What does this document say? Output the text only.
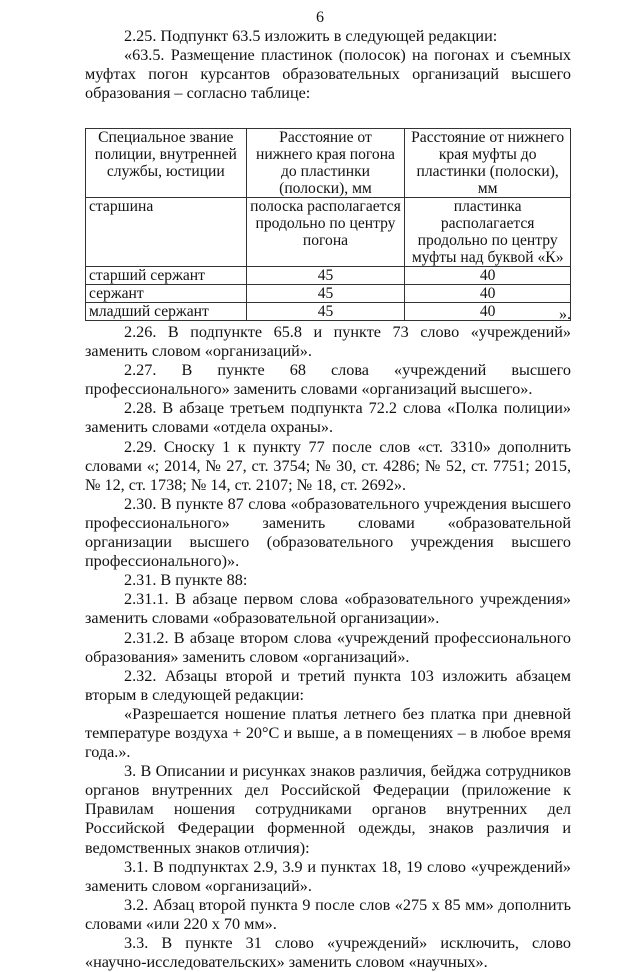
6

2.25. Подпункт 63.5 изложить в следующей редакции:

«63.5. Размещение пластинок (полосок) на погонах и съемных муфтах погон курсантов образовательных организаций высшего образования – согласно таблице:

Специальное звание полиции, внутренней службы, юстиции	Расстояние от нижнего края погона до пластинки (полоски), мм	Расстояние от нижнего края муфты до пластинки (полоски), мм
старшина	полоска располагается продольно по центру погона	пластинка располагается продольно по центру муфты над буквой «К»
старший сержант	45	40
сержант	45	40
младший сержант	45	40	».

2.26. В подпункте 65.8 и пункте 73 слово «учреждений» заменить словом «организаций».

2.27. В пункте 68 слова «учреждений высшего профессионального» заменить словами «организаций высшего».

2.28. В абзаце третьем подпункта 72.2 слова «Полка полиции» заменить словами «отдела охраны».

2.29. Сноску 1 к пункту 77 после слов «ст. 3310» дополнить словами «; 2014, № 27, ст. 3754; № 30, ст. 4286; № 52, ст. 7751; 2015, № 12, ст. 1738; № 14, ст. 2107; № 18, ст. 2692».

2.30. В пункте 87 слова «образовательного учреждения высшего профессионального» заменить словами «образовательной организации высшего (образовательного учреждения высшего профессионального)».

2.31. В пункте 88:

2.31.1. В абзаце первом слова «образовательного учреждения» заменить словами «образовательной организации».

2.31.2. В абзаце втором слова «учреждений профессионального образования» заменить словом «организаций».

2.32. Абзацы второй и третий пункта 103 изложить абзацем вторым в следующей редакции:

«Разрешается ношение платья летнего без платка при дневной температуре воздуха + 20°С и выше, а в помещениях – в любое время года.».

3. В Описании и рисунках знаков различия, бейджа сотрудников органов внутренних дел Российской Федерации (приложение к Правилам ношения сотрудниками органов внутренних дел Российской Федерации форменной одежды, знаков различия и ведомственных знаков отличия):

3.1. В подпунктах 2.9, 3.9 и пунктах 18, 19 слово «учреждений» заменить словом «организаций».

3.2. Абзац второй пункта 9 после слов «275 х 85 мм» дополнить словами «или 220 х 70 мм».

3.3. В пункте 31 слово «учреждений» исключить, слово «научно-исследовательских» заменить словом «научных».
